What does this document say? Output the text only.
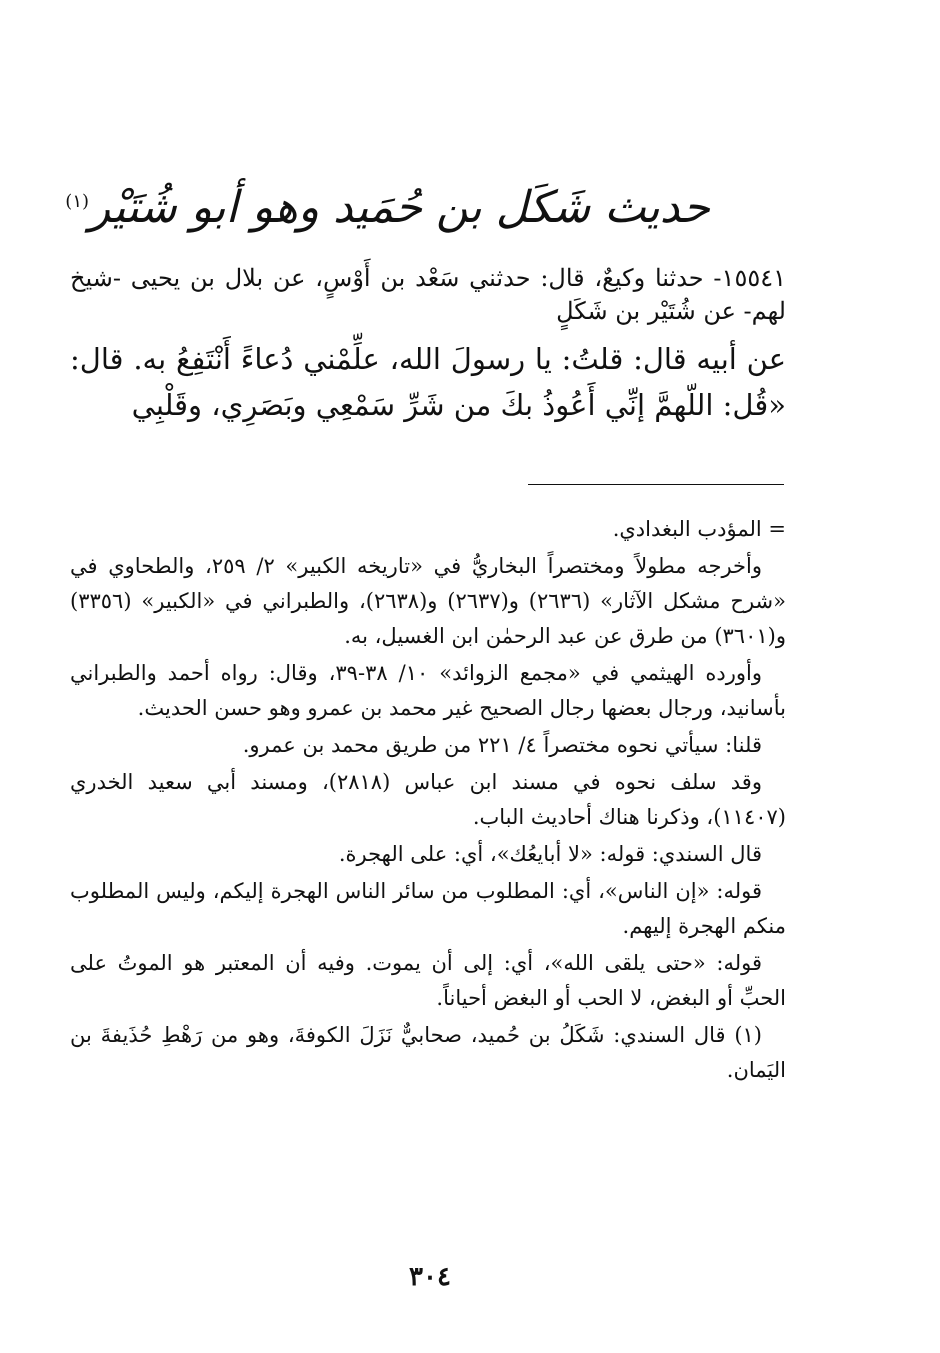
حديث شَكَل بن حُمَيد وهو أبو شُتَيْر$^{(١)}$

١٥٥٤١- حدثنا وكيعٌ، قال: حدثني سَعْد بن أَوْسٍ، عن بلال بن يحيى -شيخ لهم- عن شُتَيْر بن شَكَلٍ

عن أبيه قال: قلتُ: يا رسولَ الله، علِّمْني دُعاءً أَنْتَفِعُ به. قال: «قُل: اللّهمَّ إنِّي أَعُوذُ بكَ من شَرِّ سَمْعِي وبَصَرِي، وقَلْبِي

= المؤدب البغدادي.

وأخرجه مطولاً ومختصراً البخاريُّ في «تاريخه الكبير» ٢/ ٢٥٩، والطحاوي في «شرح مشكل الآثار» (٢٦٣٦) و(٢٦٣٧) و(٢٦٣٨)، والطبراني في «الكبير» (٣٣٥٦) و(٣٦٠١) من طرق عن عبد الرحمٰن ابن الغسيل، به.

وأورده الهيثمي في «مجمع الزوائد» ١٠/ ٣٨-٣٩، وقال: رواه أحمد والطبراني بأسانيد، ورجال بعضها رجال الصحيح غير محمد بن عمرو وهو حسن الحديث.

قلنا: سيأتي نحوه مختصراً ٤/ ٢٢١ من طريق محمد بن عمرو.

وقد سلف نحوه في مسند ابن عباس (٢٨١٨)، ومسند أبي سعيد الخدري (١١٤٠٧)، وذكرنا هناك أحاديث الباب.

قال السندي: قوله: «لا أبايعُك»، أي: على الهجرة.

قوله: «إن الناس»، أي: المطلوب من سائر الناس الهجرة إليكم، وليس المطلوب منكم الهجرة إليهم.

قوله: «حتى يلقى الله»، أي: إلى أن يموت. وفيه أن المعتبر هو الموتُ على الحبِّ أو البغض، لا الحب أو البغض أحياناً.

(١) قال السندي: شَكَلُ بن حُميد، صحابيٌّ نَزَلَ الكوفةَ، وهو من رَهْطِ حُذَيفةَ بن اليَمان.

٣٠٤
